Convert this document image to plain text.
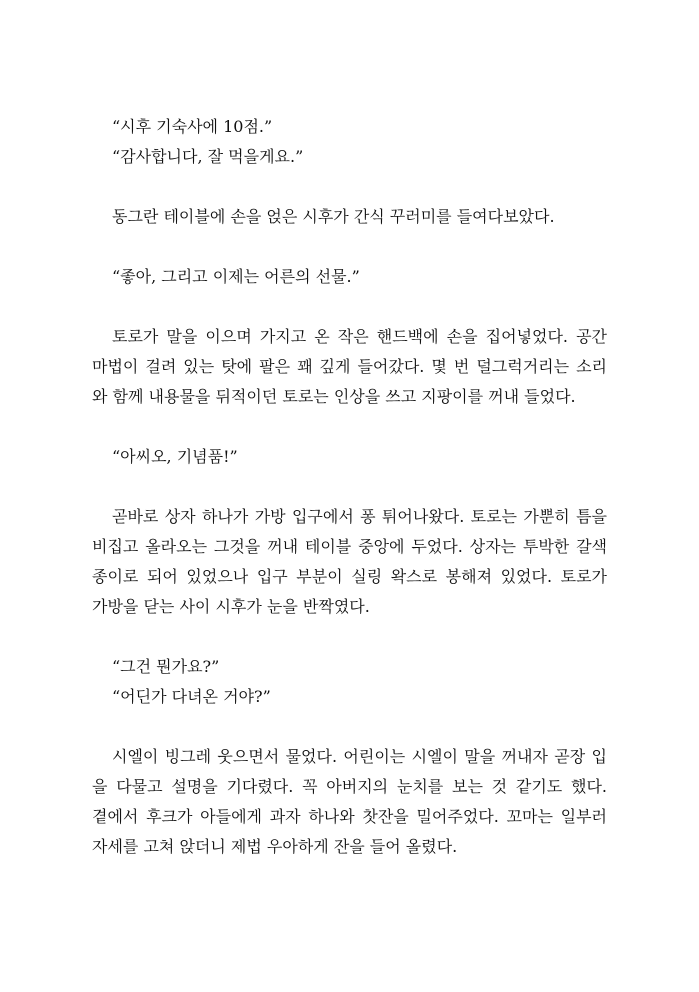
“시후 기숙사에 10점.”

“감사합니다, 잘 먹을게요.”

동그란 테이블에 손을 얹은 시후가 간식 꾸러미를 들여다보았다.

“좋아, 그리고 이제는 어른의 선물.”

토로가 말을 이으며 가지고 온 작은 핸드백에 손을 집어넣었다. 공간
마법이 걸려 있는 탓에 팔은 꽤 깊게 들어갔다. 몇 번 덜그럭거리는 소리
와 함께 내용물을 뒤적이던 토로는 인상을 쓰고 지팡이를 꺼내 들었다.

“아씨오, 기념품!”

곧바로 상자 하나가 가방 입구에서 퐁 튀어나왔다. 토로는 가뿐히 틈을
비집고 올라오는 그것을 꺼내 테이블 중앙에 두었다. 상자는 투박한 갈색
종이로 되어 있었으나 입구 부분이 실링 왁스로 봉해져 있었다. 토로가
가방을 닫는 사이 시후가 눈을 반짝였다.

“그건 뭔가요?”

“어딘가 다녀온 거야?”

시엘이 빙그레 웃으면서 물었다. 어린이는 시엘이 말을 꺼내자 곧장 입
을 다물고 설명을 기다렸다. 꼭 아버지의 눈치를 보는 것 같기도 했다.
곁에서 후크가 아들에게 과자 하나와 찻잔을 밀어주었다. 꼬마는 일부러
자세를 고쳐 앉더니 제법 우아하게 잔을 들어 올렸다.
